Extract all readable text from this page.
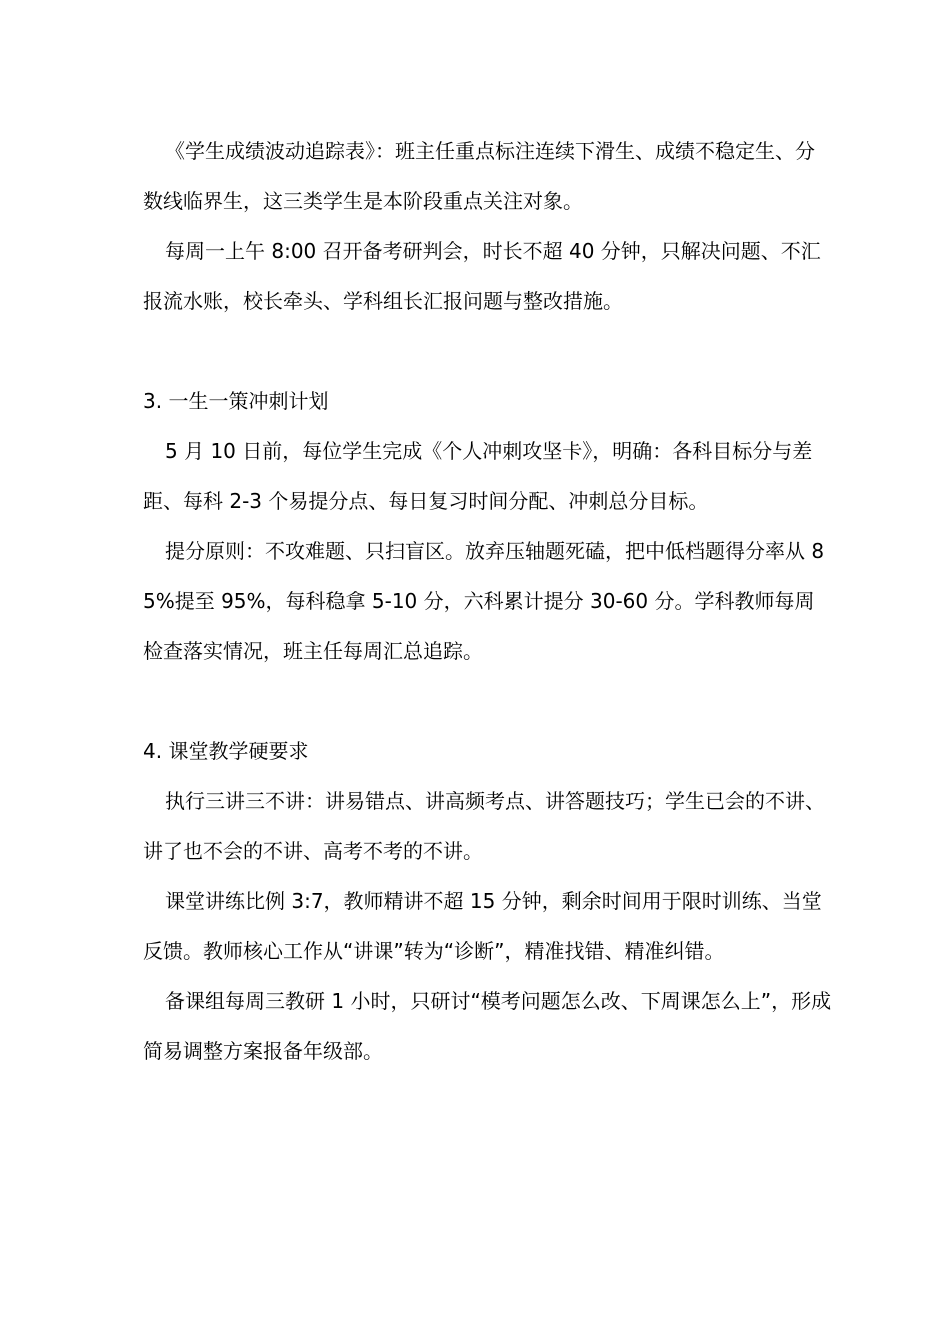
《学生成绩波动追踪表》：班主任重点标注连续下滑生、成绩不稳定生、分数线临界生，这三类学生是本阶段重点关注对象。

每周一上午 8:00 召开备考研判会，时长不超 40 分钟，只解决问题、不汇报流水账，校长牵头、学科组长汇报问题与整改措施。

3. 一生一策冲刺计划

5 月 10 日前，每位学生完成《个人冲刺攻坚卡》，明确：各科目标分与差距、每科 2-3 个易提分点、每日复习时间分配、冲刺总分目标。

提分原则：不攻难题、只扫盲区。放弃压轴题死磕，把中低档题得分率从 85%提至 95%，每科稳拿 5-10 分，六科累计提分 30-60 分。学科教师每周检查落实情况，班主任每周汇总追踪。

4. 课堂教学硬要求

执行三讲三不讲：讲易错点、讲高频考点、讲答题技巧；学生已会的不讲、讲了也不会的不讲、高考不考的不讲。

课堂讲练比例 3:7，教师精讲不超 15 分钟，剩余时间用于限时训练、当堂反馈。教师核心工作从“讲课”转为“诊断”，精准找错、精准纠错。

备课组每周三教研 1 小时，只研讨“模考问题怎么改、下周课怎么上”，形成简易调整方案报备年级部。
